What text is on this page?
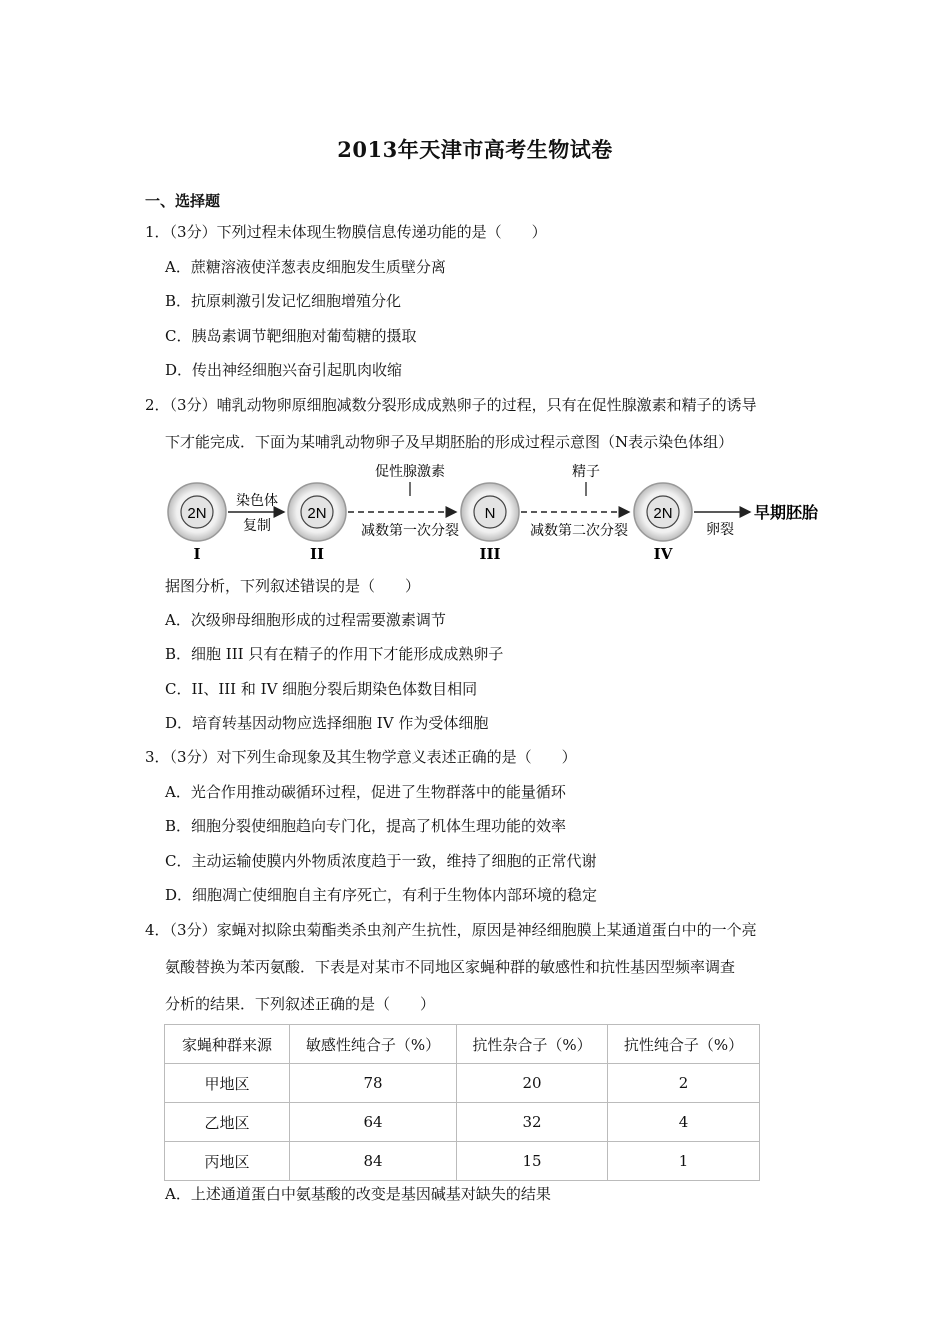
2013年天津市高考生物试卷
一、选择题
1．（3分）下列过程未体现生物膜信息传递功能的是（　　）
A．蔗糖溶液使洋葱表皮细胞发生质壁分离
B．抗原刺激引发记忆细胞增殖分化
C．胰岛素调节靶细胞对葡萄糖的摄取
D．传出神经细胞兴奋引起肌肉收缩
2．（3分）哺乳动物卵原细胞减数分裂形成成熟卵子的过程，只有在促性腺激素和精子的诱导
下才能完成．下面为某哺乳动物卵子及早期胚胎的形成过程示意图（N表示染色体组）
2N
I
染色体
复制
2N
II
促性腺激素
减数第一次分裂
N
III
精子
减数第二次分裂
2N
IV
卵裂
早期胚胎
据图分析，下列叙述错误的是（　　）
A．次级卵母细胞形成的过程需要激素调节
B．细胞 III 只有在精子的作用下才能形成成熟卵子
C．II、III 和 IV 细胞分裂后期染色体数目相同
D．培育转基因动物应选择细胞 IV 作为受体细胞
3．（3分）对下列生命现象及其生物学意义表述正确的是（　　）
A．光合作用推动碳循环过程，促进了生物群落中的能量循环
B．细胞分裂使细胞趋向专门化，提高了机体生理功能的效率
C．主动运输使膜内外物质浓度趋于一致，维持了细胞的正常代谢
D．细胞凋亡使细胞自主有序死亡，有利于生物体内部环境的稳定
4．（3分）家蝇对拟除虫菊酯类杀虫剂产生抗性，原因是神经细胞膜上某通道蛋白中的一个亮
氨酸替换为苯丙氨酸．下表是对某市不同地区家蝇种群的敏感性和抗性基因型频率调查
分析的结果．下列叙述正确的是（　　）
家蝇种群来源	敏感性纯合子（%）	抗性杂合子（%）	抗性纯合子（%）
甲地区	78	20	2
乙地区	64	32	4
丙地区	84	15	1
A．上述通道蛋白中氨基酸的改变是基因碱基对缺失的结果
